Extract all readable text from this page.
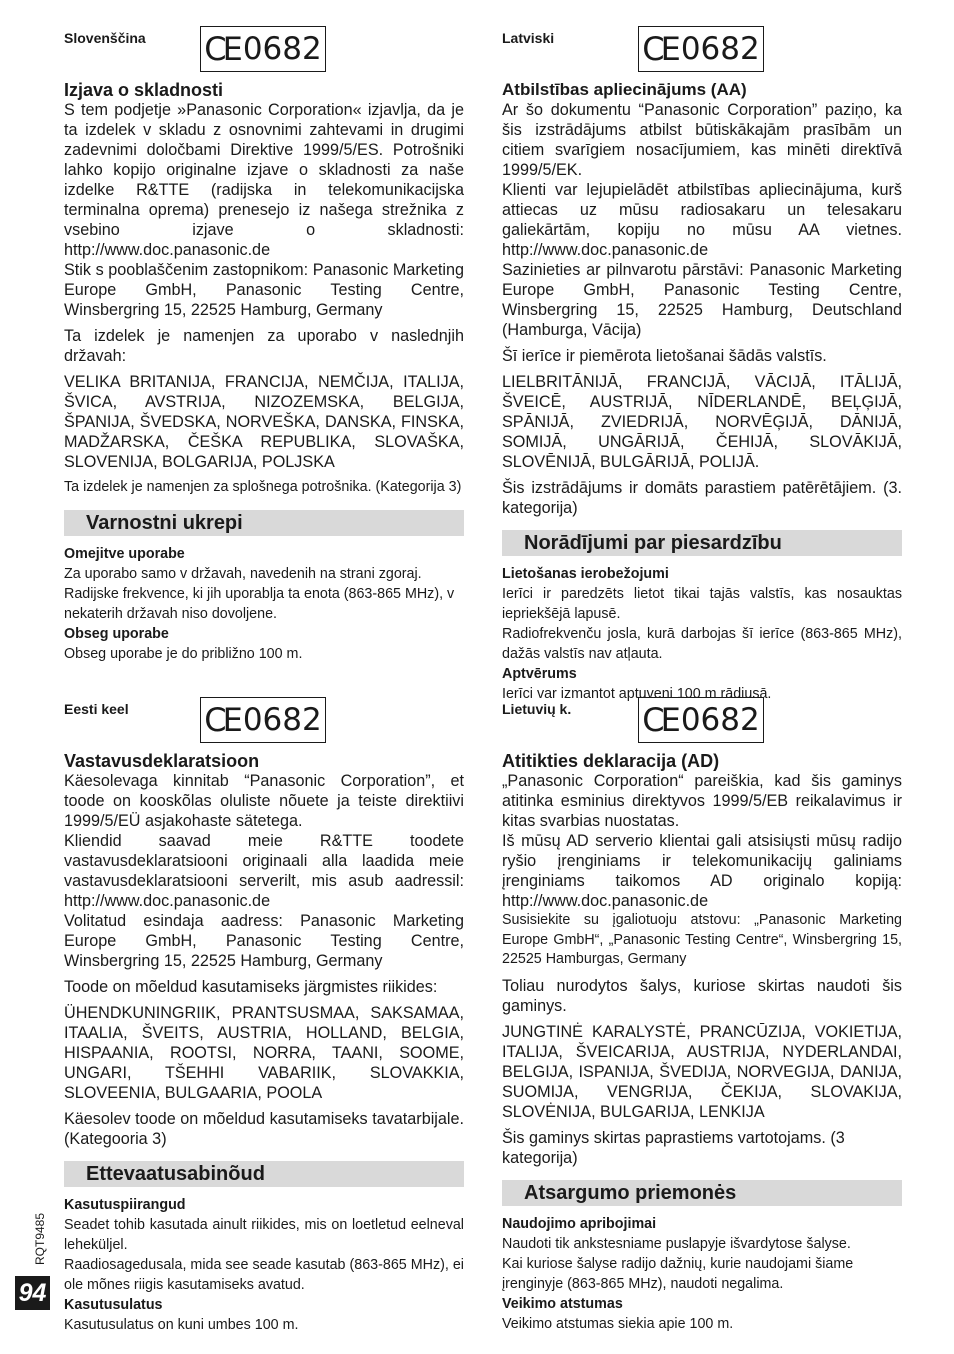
Slovenščina CE 0682
Izjava o skladnosti
S tem podjetje »Panasonic Corporation« izjavlja, da je ta izdelek v skladu z osnovnimi zahtevami in drugimi zadevnimi določbami Direktive 1999/5/ES. Potrošniki lahko kopijo originalne izjave o skladnosti za naše izdelke R&TTE (radijska in telekomunikacijska terminalna oprema) prenesejo iz našega strežnika z vsebino izjave o skladnosti: http://www.doc.panasonic.de
Stik s pooblaščenim zastopnikom: Panasonic Marketing Europe GmbH, Panasonic Testing Centre, Winsbergring 15, 22525 Hamburg, Germany
Ta izdelek je namenjen za uporabo v naslednjih državah:
VELIKA BRITANIJA, FRANCIJA, NEMČIJA, ITALIJA, ŠVICA, AVSTRIJA, NIZOZEMSKA, BELGIJA, ŠPANIJA, ŠVEDSKA, NORVEŠKA, DANSKA, FINSKA, MADŽARSKA, ČEŠKA REPUBLIKA, SLOVAŠKA, SLOVENIJA, BOLGARIJA, POLJSKA
Ta izdelek je namenjen za splošnega potrošnika. (Kategorija 3)
Varnostni ukrepi
Omejitve uporabe
Za uporabo samo v državah, navedenih na strani zgoraj.
Radijske frekvence, ki jih uporablja ta enota (863-865 MHz), v nekaterih državah niso dovoljene.
Obseg uporabe
Obseg uporabe je do približno 100 m.
Eesti keel CE 0682
Vastavusdeklaratsioon
Käesolevaga kinnitab “Panasonic Corporation”, et toode on kooskõlas oluliste nõuete ja teiste direktiivi 1999/5/EÜ asjakohaste sätetega.
Kliendid saavad meie R&TTE toodete vastavusdeklaratsiooni originaali alla laadida meie vastavusdeklaratsiooni serverilt, mis asub aadressil: http://www.doc.panasonic.de
Volitatud esindaja aadress: Panasonic Marketing Europe GmbH, Panasonic Testing Centre, Winsbergring 15, 22525 Hamburg, Germany
Toode on mõeldud kasutamiseks järgmistes riikides:
ÜHENDKUNINGRIIK, PRANTSUSMAA, SAKSAMAA, ITAALIA, ŠVEITS, AUSTRIA, HOLLAND, BELGIA, HISPAANIA, ROOTSI, NORRA, TAANI, SOOME, UNGARI, TŠEHHI VABARIIK, SLOVAKKIA, SLOVEENIA, BULGAARIA, POOLA
Käesolev toode on mõeldud kasutamiseks tavatarbijale. (Kategooria 3)
Ettevaatusabinõud
Kasutuspiirangud
Seadet tohib kasutada ainult riikides, mis on loetletud eelneval leheküljel.
Raadiosagedusala, mida see seade kasutab (863-865 MHz), ei ole mõnes riigis kasutamiseks avatud.
Kasutusulatus
Kasutusulatus on kuni umbes 100 m.
Latviski	CE 0682
Atbilstības apliecinājums (AA)
Ar šo dokumentu “Panasonic Corporation” paziņo, ka šis izstrādājums atbilst būtiskākajām prasībām un citiem svarīgiem nosacījumiem, kas minēti direktīvā 1999/5/EK.
Klienti var lejupielādēt atbilstības apliecinājuma, kurš attiecas uz mūsu radiosakaru un telesakaru galiekārtām, kopiju no mūsu AA vietnes. http://www.doc.panasonic.de
Sazinieties ar pilnvarotu pārstāvi: Panasonic Marketing Europe GmbH, Panasonic Testing Centre, Winsbergring 15, 22525 Hamburg, Deutschland (Hamburga, Vācija)
Šī ierīce ir piemērota lietošanai šādās valstīs.
LIELBRITĀNIJĀ, FRANCIJĀ, VĀCIJĀ, ITĀLIJĀ, ŠVEICĒ, AUSTRIJĀ, NĪDERLANDĒ, BEĻĢIJĀ, SPĀNIJĀ, ZVIEDRIJĀ, NORVĒĢIJĀ, DĀNIJĀ, SOMIJĀ, UNGĀRIJĀ, ČEHIJĀ, SLOVĀKIJĀ, SLOVĒNIJĀ, BULGĀRIJĀ, POLIJĀ.
Šis izstrādājums ir domāts parastiem patērētājiem. (3. kategorija)
Norādījumi par piesardzību
Lietošanas ierobežojumi
Ierīci ir paredzēts lietot tikai tajās valstīs, kas nosauktas iepriekšējā lapusē.
Radiofrekvenču josla, kurā darbojas šī ierīce (863-865 MHz), dažās valstīs nav atļauta.
Aptvērums
Ierīci var izmantot aptuveni 100 m rādiusā.
Lietuvių k. CE 0682
Atitikties deklaracija (AD)
„Panasonic Corporation“ pareiškia, kad šis gaminys atitinka esminius direktyvos 1999/5/EB reikalavimus ir kitas svarbias nuostatas.
Iš mūsų AD serverio klientai gali atsisiųsti mūsų radijo ryšio įrenginiams ir telekomunikacijų galiniams įrenginiams taikomos AD originalo kopiją: http://www.doc.panasonic.de
Susisiekite su įgaliotuoju atstovu: „Panasonic Marketing Europe GmbH“, „Panasonic Testing Centre“, Winsbergring 15, 22525 Hamburgas, Germany
Toliau nurodytos šalys, kuriose skirtas naudoti šis gaminys.
JUNGTINĖ KARALYSTĖ, PRANCŪZIJA, VOKIETIJA, ITALIJA, ŠVEICARIJA, AUSTRIJA, NYDERLANDAI, BELGIJA, ISPANIJA, ŠVEDIJA, NORVEGIJA, DANIJA, SUOMIJA, VENGRIJA, ČEKIJA, SLOVAKIJA, SLOVĖNIJA, BULGARIJA, LENKIJA
Šis gaminys skirtas paprastiems vartotojams. (3 kategorija)
Atsargumo priemonės
Naudojimo apribojimai
Naudoti tik ankstesniame puslapyje išvardytose šalyse.
Kai kuriose šalyse radijo dažnių, kurie naudojami šiame įrenginyje (863-865 MHz), naudoti negalima.
Veikimo atstumas
Veikimo atstumas siekia apie 100 m.
RQT9485
94
